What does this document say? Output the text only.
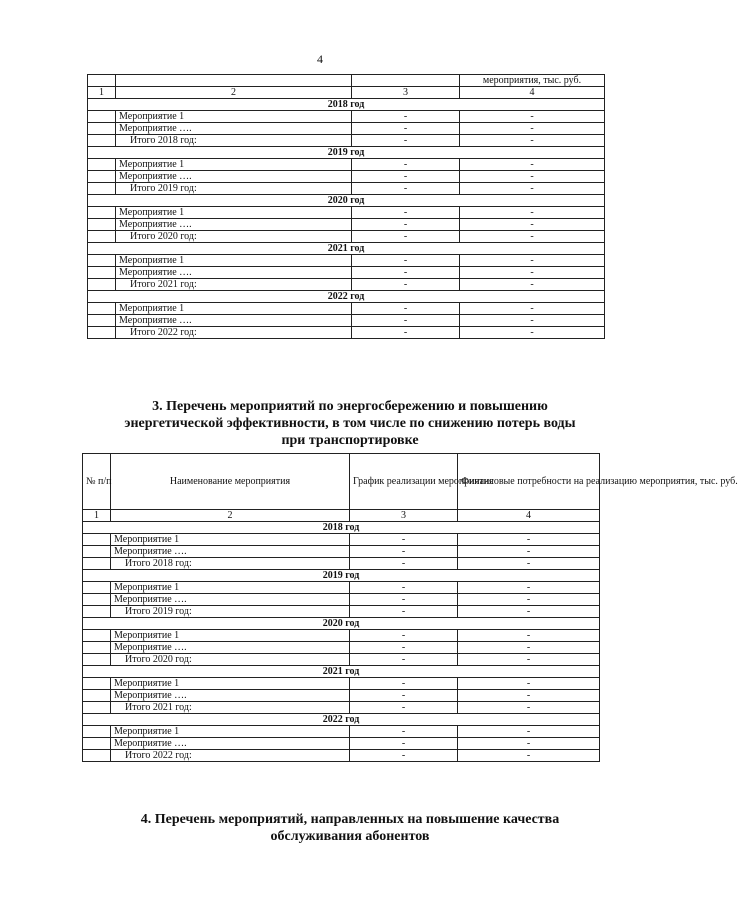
4
			мероприятия, тыс. руб.
1	2	3	4
2018 год			
	Мероприятие 1	-	-
	Мероприятие ….	-	-
	Итого 2018 год:	-	-
2019 год			
	Мероприятие 1	-	-
	Мероприятие ….	-	-
	Итого 2019 год:	-	-
2020 год			
	Мероприятие 1	-	-
	Мероприятие ….	-	-
	Итого 2020 год:	-	-
2021 год			
	Мероприятие 1	-	-
	Мероприятие ….	-	-
	Итого 2021 год:	-	-
2022 год			
	Мероприятие 1	-	-
	Мероприятие ….	-	-
	Итого 2022 год:	-	-
3. Перечень мероприятий по энергосбережению и повышению
энергетической эффективности, в том числе по снижению потерь воды
при транспортировке
№ п/п	Наименование мероприятия	График реализации мероприятия	Финансовые потребности на реализацию мероприятия, тыс. руб.
1	2	3	4
2018 год			
	Мероприятие 1	-	-
	Мероприятие ….	-	-
	Итого 2018 год:	-	-
2019 год			
	Мероприятие 1	-	-
	Мероприятие ….	-	-
	Итого 2019 год:	-	-
2020 год			
	Мероприятие 1	-	-
	Мероприятие ….	-	-
	Итого 2020 год:	-	-
2021 год			
	Мероприятие 1	-	-
	Мероприятие ….	-	-
	Итого 2021 год:	-	-
2022 год			
	Мероприятие 1	-	-
	Мероприятие ….	-	-
	Итого 2022 год:	-	-
4. Перечень мероприятий, направленных на повышение качества
обслуживания абонентов
